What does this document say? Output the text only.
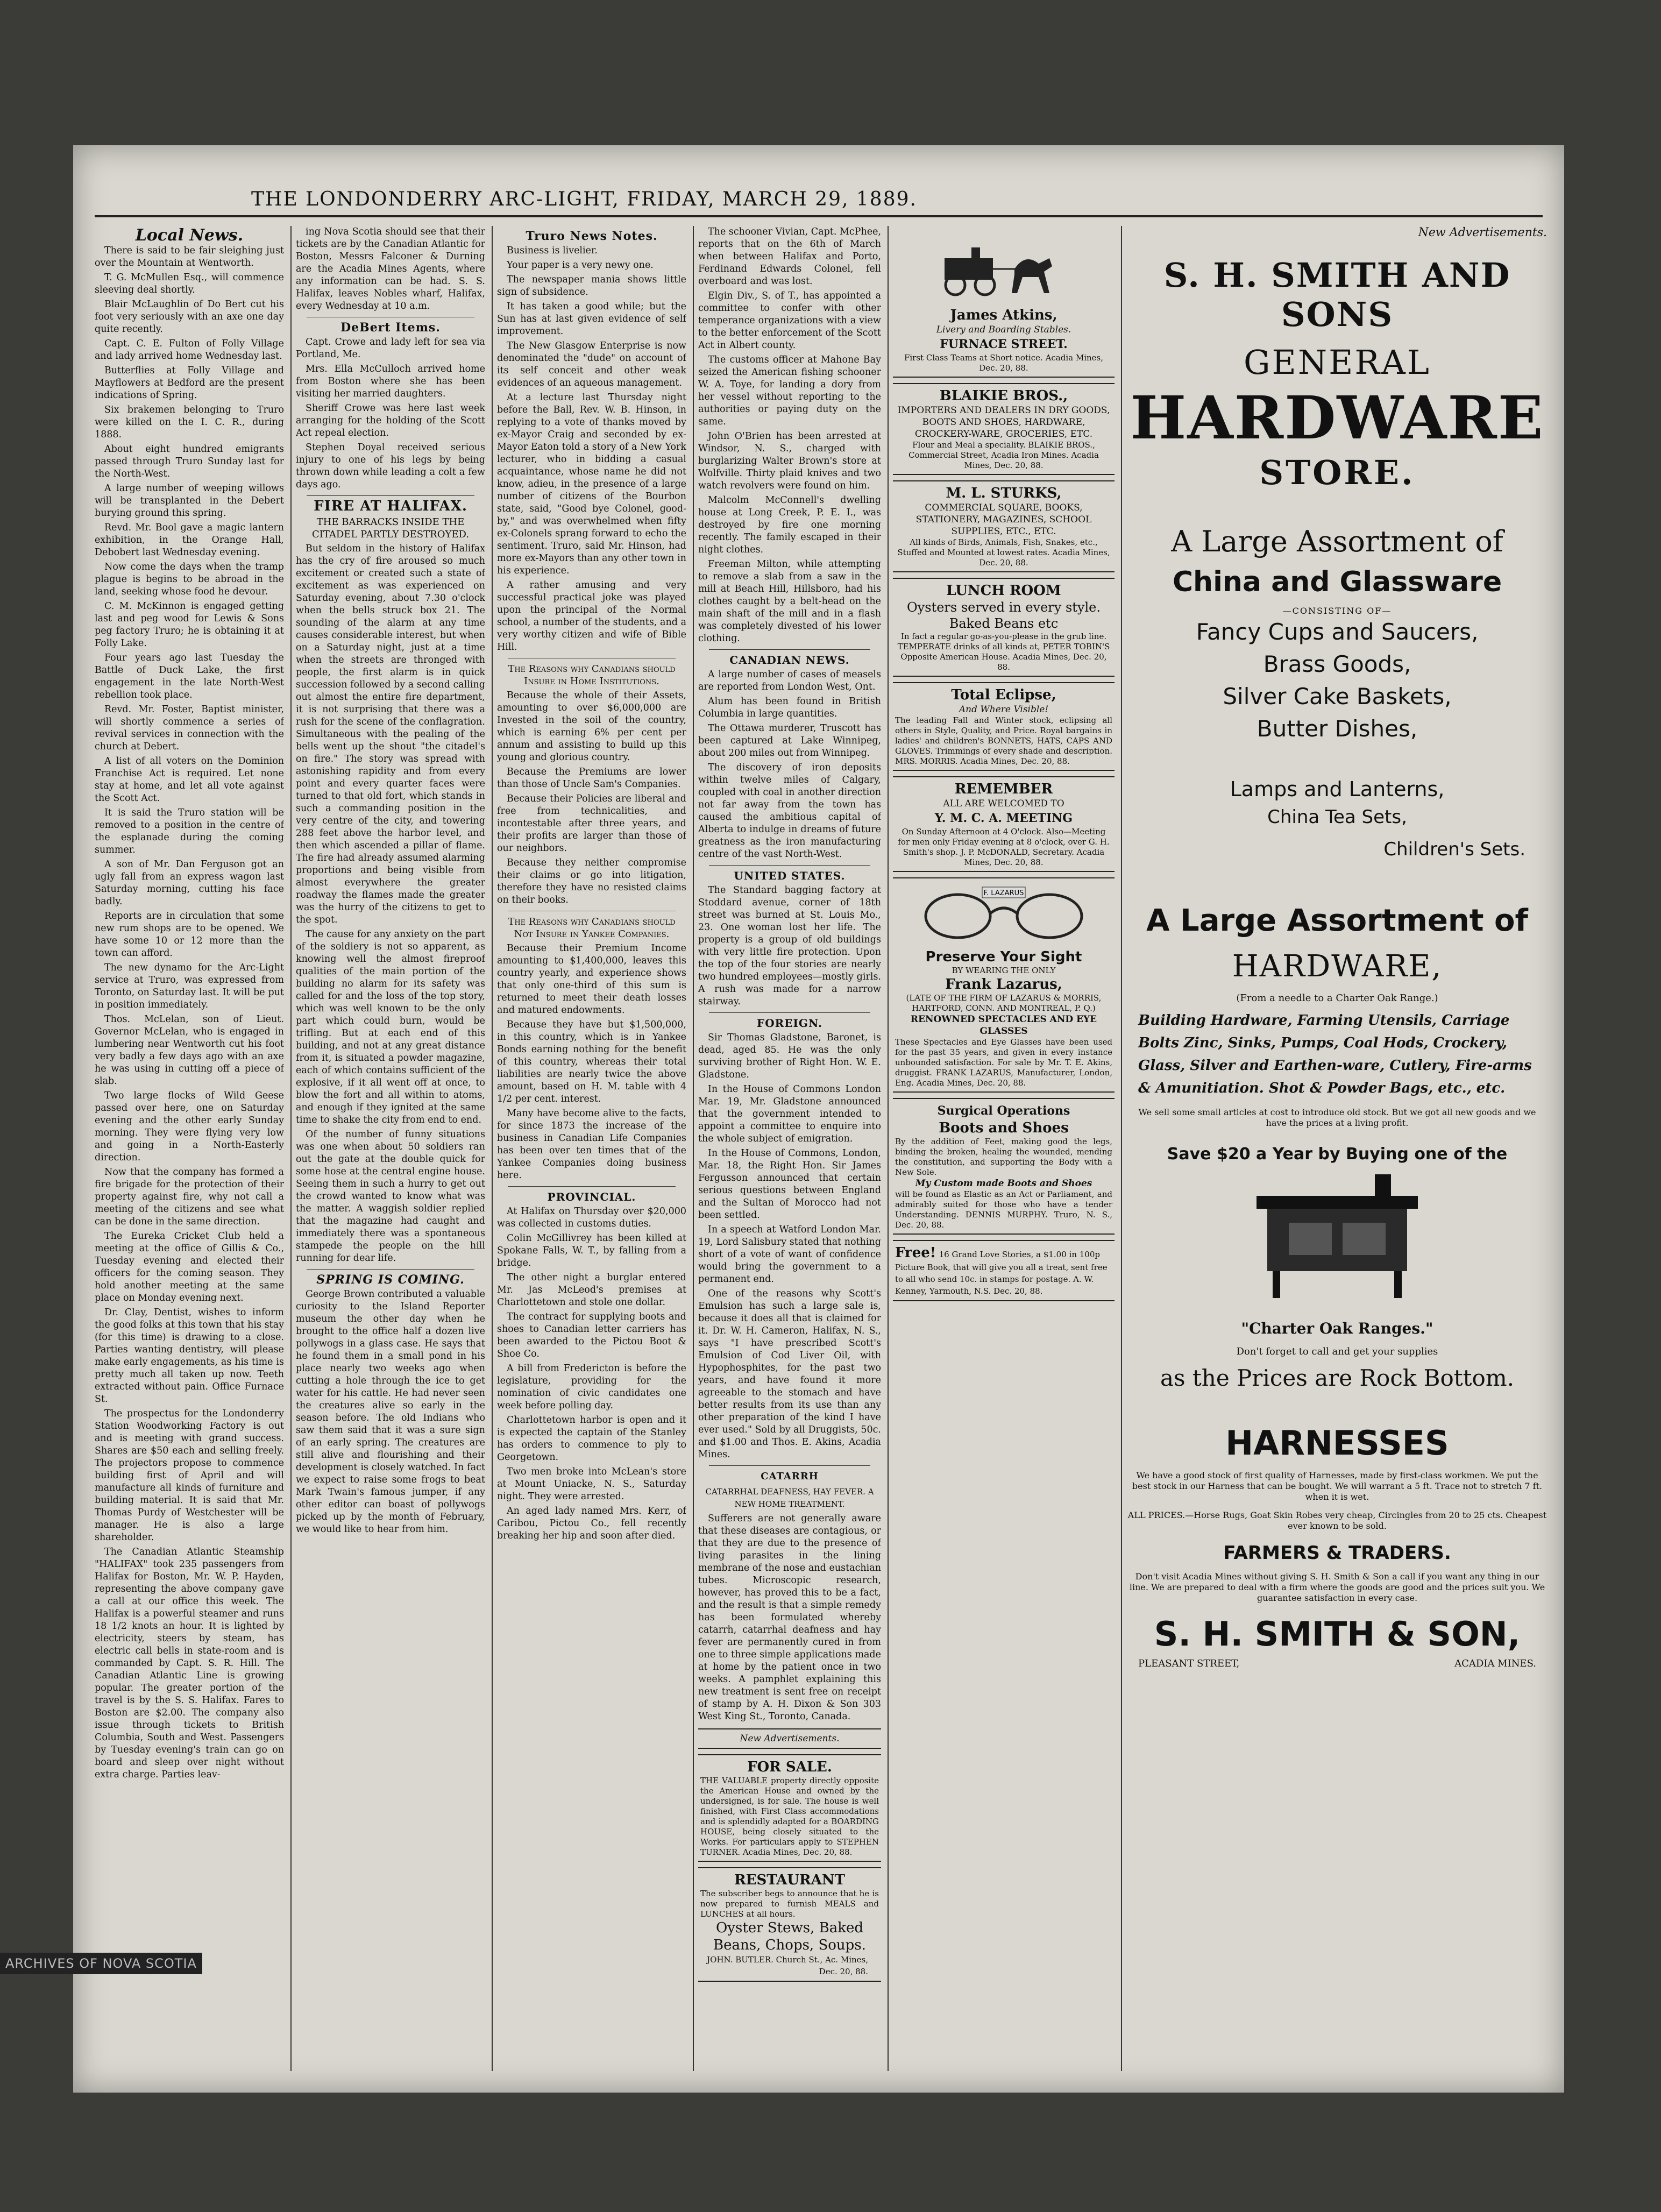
THE LONDONDERRY ARC-LIGHT, FRIDAY, MARCH 29, 1889.
Local News.

There is said to be fair sleighing just over the Mountain at Wentworth.

T. G. McMullen Esq., will commence sleeving deal shortly.

Blair McLaughlin of Do Bert cut his foot very seriously with an axe one day quite recently.

Capt. C. E. Fulton of Folly Village and lady arrived home Wednesday last.

Butterflies at Folly Village and Mayflowers at Bedford are the present indications of Spring.

Six brakemen belonging to Truro were killed on the I. C. R., during 1888.

About eight hundred emigrants passed through Truro Sunday last for the North-West.

A large number of weeping willows will be transplanted in the Debert burying ground this spring.

Revd. Mr. Bool gave a magic lantern exhibition, in the Orange Hall, Debobert last Wednesday evening.

Now come the days when the tramp plague is begins to be abroad in the land, seeking whose food he devour.

C. M. McKinnon is engaged getting last and peg wood for Lewis & Sons peg factory Truro; he is obtaining it at Folly Lake.

Four years ago last Tuesday the Battle of Duck Lake, the first engagement in the late North-West rebellion took place.

Revd. Mr. Foster, Baptist minister, will shortly commence a series of revival services in connection with the church at Debert.

A list of all voters on the Dominion Franchise Act is required. Let none stay at home, and let all vote against the Scott Act.

It is said the Truro station will be removed to a position in the centre of the esplanade during the coming summer.

A son of Mr. Dan Ferguson got an ugly fall from an express wagon last Saturday morning, cutting his face badly.

Reports are in circulation that some new rum shops are to be opened. We have some 10 or 12 more than the town can afford.

The new dynamo for the Arc-Light service at Truro, was expressed from Toronto, on Saturday last. It will be put in position immediately.

Thos. McLelan, son of Lieut. Governor McLelan, who is engaged in lumbering near Wentworth cut his foot very badly a few days ago with an axe he was using in cutting off a piece of slab.

Two large flocks of Wild Geese passed over here, one on Saturday evening and the other early Sunday morning. They were flying very low and going in a North-Easterly direction.

Now that the company has formed a fire brigade for the protection of their property against fire, why not call a meeting of the citizens and see what can be done in the same direction.

The Eureka Cricket Club held a meeting at the office of Gillis & Co., Tuesday evening and elected their officers for the coming season. They hold another meeting at the same place on Monday evening next.

Dr. Clay, Dentist, wishes to inform the good folks at this town that his stay (for this time) is drawing to a close. Parties wanting dentistry, will please make early engagements, as his time is pretty much all taken up now. Teeth extracted without pain. Office Furnace St.

The prospectus for the Londonderry Station Woodworking Factory is out and is meeting with grand success. Shares are $50 each and selling freely. The projectors propose to commence building first of April and will manufacture all kinds of furniture and building material. It is said that Mr. Thomas Purdy of Westchester will be manager. He is also a large shareholder.

The Canadian Atlantic Steamship "HALIFAX" took 235 passengers from Halifax for Boston, Mr. W. P. Hayden, representing the above company gave a call at our office this week. The Halifax is a powerful steamer and runs 18 1/2 knots an hour. It is lighted by electricity, steers by steam, has electric call bells in state-room and is commanded by Capt. S. R. Hill. The Canadian Atlantic Line is growing popular. The greater portion of the travel is by the S. S. Halifax. Fares to Boston are $2.00. The company also issue through tickets to British Columbia, South and West. Passengers by Tuesday evening's train can go on board and sleep over night without extra charge. Parties leav-

ing Nova Scotia should see that their tickets are by the Canadian Atlantic for Boston, Messrs Falconer & Durning are the Acadia Mines Agents, where any information can be had. S. S. Halifax, leaves Nobles wharf, Halifax, every Wednesday at 10 a.m.

DeBert Items.

Capt. Crowe and lady left for sea via Portland, Me.

Mrs. Ella McCulloch arrived home from Boston where she has been visiting her married daughters.

Sheriff Crowe was here last week arranging for the holding of the Scott Act repeal election.

Stephen Doyal received serious injury to one of his legs by being thrown down while leading a colt a few days ago.

FIRE AT HALIFAX.
THE BARRACKS INSIDE THE CITADEL PARTLY DESTROYED.

But seldom in the history of Halifax has the cry of fire aroused so much excitement or created such a state of excitement as was experienced on Saturday evening, about 7.30 o'clock when the bells struck box 21. The sounding of the alarm at any time causes considerable interest, but when on a Saturday night, just at a time when the streets are thronged with people, the first alarm is in quick succession followed by a second calling out almost the entire fire department, it is not surprising that there was a rush for the scene of the conflagration. Simultaneous with the pealing of the bells went up the shout "the citadel's on fire." The story was spread with astonishing rapidity and from every point and every quarter faces were turned to that old fort, which stands in such a commanding position in the very centre of the city, and towering 288 feet above the harbor level, and then which ascended a pillar of flame. The fire had already assumed alarming proportions and being visible from almost everywhere the greater roadway the flames made the greater was the hurry of the citizens to get to the spot.

The cause for any anxiety on the part of the soldiery is not so apparent, as knowing well the almost fireproof qualities of the main portion of the building no alarm for its safety was called for and the loss of the top story, which was well known to be the only part which could burn, would be trifling. But at each end of this building, and not at any great distance from it, is situated a powder magazine, each of which contains sufficient of the explosive, if it all went off at once, to blow the fort and all within to atoms, and enough if they ignited at the same time to shake the city from end to end.

Of the number of funny situations was one when about 50 soldiers ran out the gate at the double quick for some hose at the central engine house. Seeing them in such a hurry to get out the crowd wanted to know what was the matter. A waggish soldier replied that the magazine had caught and immediately there was a spontaneous stampede the people on the hill running for dear life.

SPRING IS COMING.

George Brown contributed a valuable curiosity to the Island Reporter museum the other day when he brought to the office half a dozen live pollywogs in a glass case. He says that he found them in a small pond in his place nearly two weeks ago when cutting a hole through the ice to get water for his cattle. He had never seen the creatures alive so early in the season before. The old Indians who saw them said that it was a sure sign of an early spring. The creatures are still alive and flourishing and their development is closely watched. In fact we expect to raise some frogs to beat Mark Twain's famous jumper, if any other editor can boast of pollywogs picked up by the month of February, we would like to hear from him.

Truro News Notes.

Business is livelier.

Your paper is a very newy one.

The newspaper mania shows little sign of subsidence.

It has taken a good while; but the Sun has at last given evidence of self improvement.

The New Glasgow Enterprise is now denominated the "dude" on account of its self conceit and other weak evidences of an aqueous management.

At a lecture last Thursday night before the Ball, Rev. W. B. Hinson, in replying to a vote of thanks moved by ex-Mayor Craig and seconded by ex-Mayor Eaton told a story of a New York lecturer, who in bidding a casual acquaintance, whose name he did not know, adieu, in the presence of a large number of citizens of the Bourbon state, said, "Good bye Colonel, good-by," and was overwhelmed when fifty ex-Colonels sprang forward to echo the sentiment. Truro, said Mr. Hinson, had more ex-Mayors than any other town in his experience.

A rather amusing and very successful practical joke was played upon the principal of the Normal school, a number of the students, and a very worthy citizen and wife of Bible Hill.

The Reasons why Canadians should Insure in Home Institutions.

Because the whole of their Assets, amounting to over $6,000,000 are Invested in the soil of the country, which is earning 6% per cent per annum and assisting to build up this young and glorious country.

Because the Premiums are lower than those of Uncle Sam's Companies.

Because their Policies are liberal and free from technicalities, and incontestable after three years, and their profits are larger than those of our neighbors.

Because they neither compromise their claims or go into litigation, therefore they have no resisted claims on their books.

The Reasons why Canadians should Not Insure in Yankee Companies.

Because their Premium Income amounting to $1,400,000, leaves this country yearly, and experience shows that only one-third of this sum is returned to meet their death losses and matured endowments.

Because they have but $1,500,000, in this country, which is in Yankee Bonds earning nothing for the benefit of this country, whereas their total liabilities are nearly twice the above amount, based on H. M. table with 4 1/2 per cent. interest.

Many have become alive to the facts, for since 1873 the increase of the business in Canadian Life Companies has been over ten times that of the Yankee Companies doing business here.

PROVINCIAL.

At Halifax on Thursday over $20,000 was collected in customs duties.

Colin McGillivrey has been killed at Spokane Falls, W. T., by falling from a bridge.

The other night a burglar entered Mr. Jas McLeod's premises at Charlottetown and stole one dollar.

The contract for supplying boots and shoes to Canadian letter carriers has been awarded to the Pictou Boot & Shoe Co.

A bill from Fredericton is before the legislature, providing for the nomination of civic candidates one week before polling day.

Charlottetown harbor is open and it is expected the captain of the Stanley has orders to commence to ply to Georgetown.

Two men broke into McLean's store at Mount Uniacke, N. S., Saturday night. They were arrested.

An aged lady named Mrs. Kerr, of Caribou, Pictou Co., fell recently breaking her hip and soon after died.

The schooner Vivian, Capt. McPhee, reports that on the 6th of March when between Halifax and Porto, Ferdinand Edwards Colonel, fell overboard and was lost.

Elgin Div., S. of T., has appointed a committee to confer with other temperance organizations with a view to the better enforcement of the Scott Act in Albert county.

The customs officer at Mahone Bay seized the American fishing schooner W. A. Toye, for landing a dory from her vessel without reporting to the authorities or paying duty on the same.

John O'Brien has been arrested at Windsor, N. S., charged with burglarizing Walter Brown's store at Wolfville. Thirty plaid knives and two watch revolvers were found on him.

Malcolm McConnell's dwelling house at Long Creek, P. E. I., was destroyed by fire one morning recently. The family escaped in their night clothes.

Freeman Milton, while attempting to remove a slab from a saw in the mill at Beach Hill, Hillsboro, had his clothes caught by a belt-head on the main shaft of the mill and in a flash was completely divested of his lower clothing.

CANADIAN NEWS.

A large number of cases of measels are reported from London West, Ont.

Alum has been found in British Columbia in large quantities.

The Ottawa murderer, Truscott has been captured at Lake Winnipeg, about 200 miles out from Winnipeg.

The discovery of iron deposits within twelve miles of Calgary, coupled with coal in another direction not far away from the town has caused the ambitious capital of Alberta to indulge in dreams of future greatness as the iron manufacturing centre of the vast North-West.

UNITED STATES.

The Standard bagging factory at Stoddard avenue, corner of 18th street was burned at St. Louis Mo., 23. One woman lost her life. The property is a group of old buildings with very little fire protection. Upon the top of the four stories are nearly two hundred employees—mostly girls. A rush was made for a narrow stairway.

FOREIGN.

Sir Thomas Gladstone, Baronet, is dead, aged 85. He was the only surviving brother of Right Hon. W. E. Gladstone.

In the House of Commons London Mar. 19, Mr. Gladstone announced that the government intended to appoint a committee to enquire into the whole subject of emigration.

In the House of Commons, London, Mar. 18, the Right Hon. Sir James Fergusson announced that certain serious questions between England and the Sultan of Morocco had not been settled.

In a speech at Watford London Mar. 19, Lord Salisbury stated that nothing short of a vote of want of confidence would bring the government to a permanent end.

One of the reasons why Scott's Emulsion has such a large sale is, because it does all that is claimed for it. Dr. W. H. Cameron, Halifax, N. S., says "I have prescribed Scott's Emulsion of Cod Liver Oil, with Hypophosphites, for the past two years, and have found it more agreeable to the stomach and have better results from its use than any other preparation of the kind I have ever used." Sold by all Druggists, 50c. and $1.00 and Thos. E. Akins, Acadia Mines.

CATARRH
CATARRHAL DEAFNESS, HAY FEVER. A NEW HOME TREATMENT.

Sufferers are not generally aware that these diseases are contagious, or that they are due to the presence of living parasites in the lining membrane of the nose and eustachian tubes. Microscopic research, however, has proved this to be a fact, and the result is that a simple remedy has been formulated whereby catarrh, catarrhal deafness and hay fever are permanently cured in from one to three simple applications made at home by the patient once in two weeks. A pamphlet explaining this new treatment is sent free on receipt of stamp by A. H. Dixon & Son 303 West King St., Toronto, Canada.

New Advertisements.
FOR SALE.
THE VALUABLE property directly opposite the American House and owned by the undersigned, is for sale. The house is well finished, with First Class accommodations and is splendidly adapted for a BOARDING HOUSE, being closely situated to the Works. For particulars apply to STEPHEN TURNER. Acadia Mines, Dec. 20, 88.
RESTAURANT
The subscriber begs to announce that he is now prepared to furnish MEALS and LUNCHES at all hours.
Oyster Stews, Baked Beans, Chops, Soups.
JOHN. BUTLER. Church St., Ac. Mines, Dec. 20, 88.
James Atkins,
Livery and Boarding Stables.
FURNACE STREET.
First Class Teams at Short notice. Acadia Mines, Dec. 20, 88.
BLAIKIE BROS.,
IMPORTERS AND DEALERS IN DRY GOODS, BOOTS AND SHOES, HARDWARE, CROCKERY-WARE, GROCERIES, ETC.
Flour and Meal a speciality. BLAIKIE BROS., Commercial Street, Acadia Iron Mines. Acadia Mines, Dec. 20, 88.
M. L. STURKS,
COMMERCIAL SQUARE, BOOKS, STATIONERY, MAGAZINES, SCHOOL SUPPLIES, ETC., ETC.
All kinds of Birds, Animals, Fish, Snakes, etc., Stuffed and Mounted at lowest rates. Acadia Mines, Dec. 20, 88.
LUNCH ROOM
Oysters served in every style. Baked Beans etc
In fact a regular go-as-you-please in the grub line. TEMPERATE drinks of all kinds at, PETER TOBIN'S Opposite American House. Acadia Mines, Dec. 20, 88.
Total Eclipse,
And Where Visible!
The leading Fall and Winter stock, eclipsing all others in Style, Quality, and Price. Royal bargains in ladies' and children's BONNETS, HATS, CAPS AND GLOVES. Trimmings of every shade and description. MRS. MORRIS. Acadia Mines, Dec. 20, 88.
REMEMBER
ALL ARE WELCOMED TO
Y. M. C. A. MEETING
On Sunday Afternoon at 4 O'clock. Also—Meeting for men only Friday evening at 8 o'clock, over G. H. Smith's shop. J. P. McDONALD, Secretary. Acadia Mines, Dec. 20, 88.
F. LAZARUS
Preserve Your Sight
BY WEARING THE ONLY
Frank Lazarus,
(LATE OF THE FIRM OF LAZARUS & MORRIS, HARTFORD, CONN. AND MONTREAL, P. Q.)
RENOWNED SPECTACLES AND EYE GLASSES
These Spectacles and Eye Glasses have been used for the past 35 years, and given in every instance unbounded satisfaction. For sale by Mr. T. E. Akins, druggist. FRANK LAZARUS, Manufacturer, London, Eng. Acadia Mines, Dec. 20, 88.
Surgical Operations
Boots and Shoes
By the addition of Feet, making good the legs, binding the broken, healing the wounded, mending the constitution, and supporting the Body with a New Sole.
My Custom made Boots and Shoes
will be found as Elastic as an Act or Parliament, and admirably suited for those who have a tender Understanding. DENNIS MURPHY. Truro, N. S., Dec. 20, 88.
Free! 16 Grand Love Stories, a $1.00 in 100p Picture Book, that will give you all a treat, sent free to all who send 10c. in stamps for postage. A. W. Kenney, Yarmouth, N.S. Dec. 20, 88.
New Advertisements.
S. H. SMITH AND SONS
GENERAL
HARDWARE
STORE.
A Large Assortment of
China and Glassware
—CONSISTING OF—
Fancy Cups and Saucers,
Brass Goods,
Silver Cake Baskets,
Butter Dishes,
Lamps and Lanterns,
China Tea Sets,
Children's Sets.
A Large Assortment of
HARDWARE,
(From a needle to a Charter Oak Range.)
Building Hardware, Farming Utensils, Carriage Bolts Zinc, Sinks, Pumps, Coal Hods, Crockery, Glass, Silver and Earthen-ware, Cutlery, Fire-arms & Amunitiation. Shot & Powder Bags, etc., etc.
We sell some small articles at cost to introduce old stock. But we got all new goods and we have the prices at a living profit.
Save $20 a Year by Buying one of the
"Charter Oak Ranges."
Don't forget to call and get your supplies
as the Prices are Rock Bottom.
HARNESSES
We have a good stock of first quality of Harnesses, made by first-class workmen. We put the best stock in our Harness that can be bought. We will warrant a 5 ft. Trace not to stretch 7 ft. when it is wet.
ALL PRICES.—Horse Rugs, Goat Skin Robes very cheap, Circingles from 20 to 25 cts. Cheapest ever known to be sold.
FARMERS & TRADERS.
Don't visit Acadia Mines without giving S. H. Smith & Son a call if you want any thing in our line. We are prepared to deal with a firm where the goods are good and the prices suit you. We guarantee satisfaction in every case.
S. H. SMITH & SON,
PLEASANT STREET,	ACADIA MINES.
ARCHIVES OF NOVA SCOTIA
